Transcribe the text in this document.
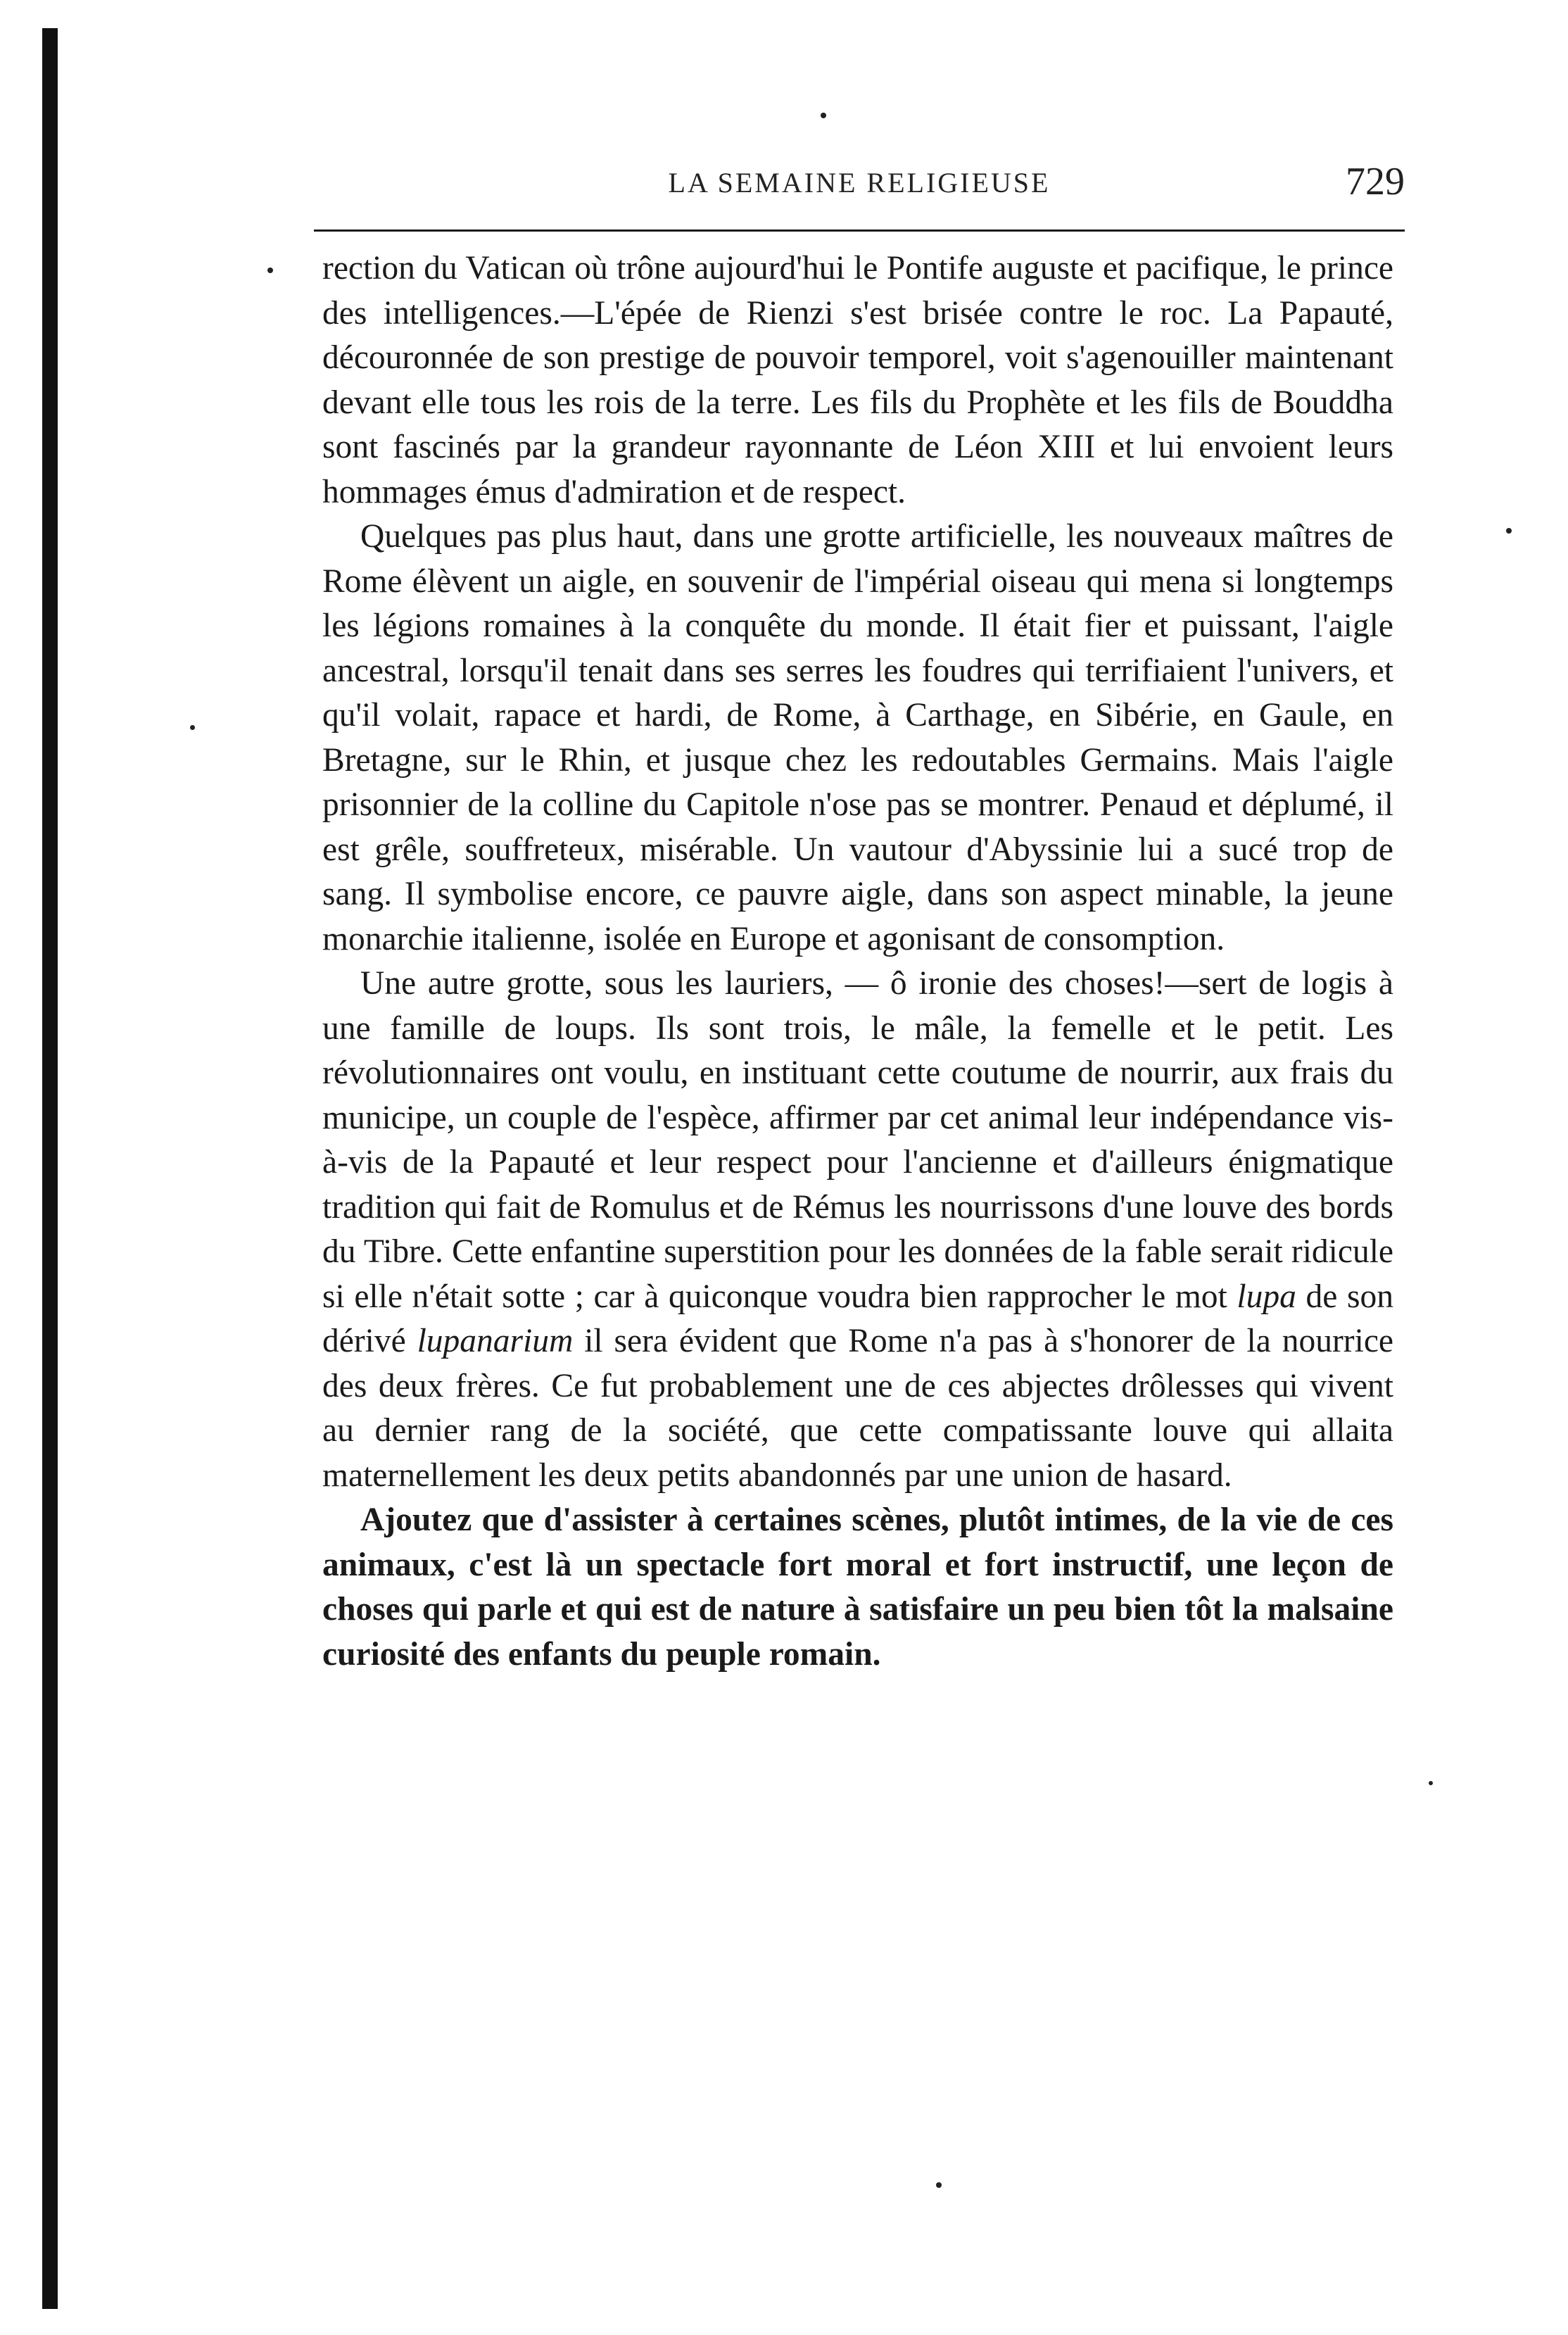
LA SEMAINE RELIGIEUSE	729

rection du Vatican où trône aujourd'hui le Pontife auguste et pacifique, le prince des intelligences.—L'épée de Rienzi s'est brisée contre le roc. La Papauté, découronnée de son prestige de pouvoir temporel, voit s'agenouiller maintenant devant elle tous les rois de la terre. Les fils du Prophète et les fils de Bouddha sont fascinés par la grandeur rayonnante de Léon XIII et lui envoient leurs hommages émus d'admiration et de respect.

Quelques pas plus haut, dans une grotte artificielle, les nouveaux maîtres de Rome élèvent un aigle, en souvenir de l'impérial oiseau qui mena si longtemps les légions romaines à la conquête du monde. Il était fier et puissant, l'aigle ancestral, lorsqu'il tenait dans ses serres les foudres qui terrifiaient l'univers, et qu'il volait, rapace et hardi, de Rome, à Carthage, en Sibérie, en Gaule, en Bretagne, sur le Rhin, et jusque chez les redoutables Germains. Mais l'aigle prisonnier de la colline du Capitole n'ose pas se montrer. Penaud et déplumé, il est grêle, souffreteux, misérable. Un vautour d'Abyssinie lui a sucé trop de sang. Il symbolise encore, ce pauvre aigle, dans son aspect minable, la jeune monarchie italienne, isolée en Europe et agonisant de consomption.

Une autre grotte, sous les lauriers, — ô ironie des choses!—sert de logis à une famille de loups. Ils sont trois, le mâle, la femelle et le petit. Les révolutionnaires ont voulu, en instituant cette coutume de nourrir, aux frais du municipe, un couple de l'espèce, affirmer par cet animal leur indépendance vis-à-vis de la Papauté et leur respect pour l'ancienne et d'ailleurs énigmatique tradition qui fait de Romulus et de Rémus les nourrissons d'une louve des bords du Tibre. Cette enfantine superstition pour les données de la fable serait ridicule si elle n'était sotte ; car à quiconque voudra bien rapprocher le mot lupa de son dérivé lupanarium il sera évident que Rome n'a pas à s'honorer de la nourrice des deux frères. Ce fut probablement une de ces abjectes drôlesses qui vivent au dernier rang de la société, que cette compatissante louve qui allaita maternellement les deux petits abandonnés par une union de hasard.

Ajoutez que d'assister à certaines scènes, plutôt intimes, de la vie de ces animaux, c'est là un spectacle fort moral et fort instructif, une leçon de choses qui parle et qui est de nature à satisfaire un peu bien tôt la malsaine curiosité des enfants du peuple romain.
